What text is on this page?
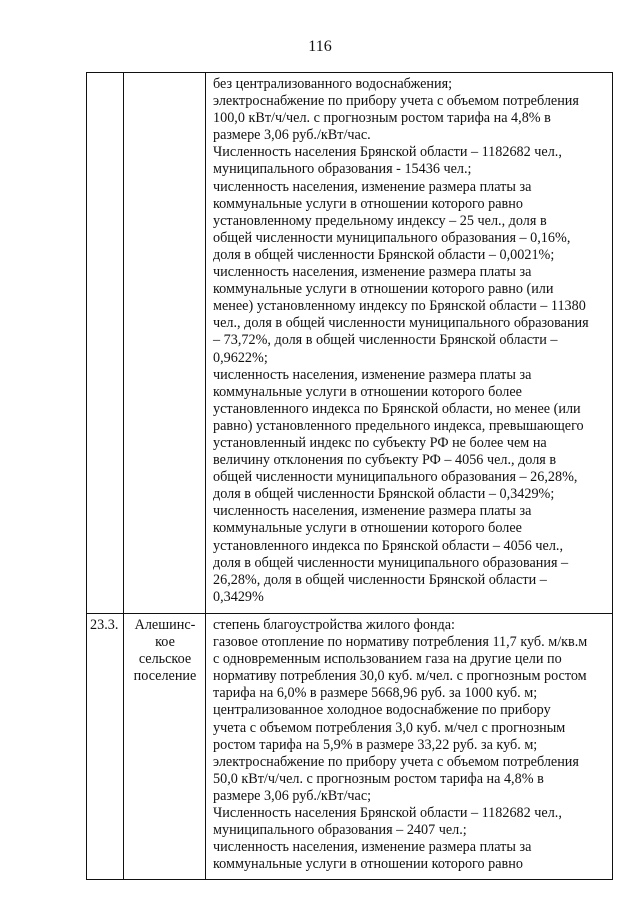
116
без централизованного водоснабжения;
электроснабжение по прибору учета с объемом потребления
100,0 кВт/ч/чел. с прогнозным ростом тарифа на 4,8% в
размере 3,06 руб./кВт/час.
Численность населения Брянской области – 1182682 чел.,
муниципального образования - 15436 чел.;
численность населения, изменение размера платы за
коммунальные услуги в отношении которого равно
установленному предельному индексу – 25 чел., доля в
общей численности муниципального образования – 0,16%,
доля в общей численности Брянской области – 0,0021%;
численность населения, изменение размера платы за
коммунальные услуги в отношении которого равно (или
менее) установленному индексу по Брянской области – 11380
чел., доля в общей численности муниципального образования
– 73,72%, доля в общей численности Брянской области –
0,9622%;
численность населения, изменение размера платы за
коммунальные услуги в отношении которого более
установленного индекса по Брянской области, но менее (или
равно) установленного предельного индекса, превышающего
установленный индекс по субъекту РФ не более чем на
величину отклонения по субъекту РФ – 4056 чел., доля в
общей численности муниципального образования – 26,28%,
доля в общей численности Брянской области – 0,3429%;
численность населения, изменение размера платы за
коммунальные услуги в отношении которого более
установленного индекса по Брянской области – 4056 чел.,
доля в общей численности муниципального образования –
26,28%, доля в общей численности Брянской области –
0,3429%
23.3.	Алешинс-
кое
сельское
поселение
степень благоустройства жилого фонда:
газовое отопление по нормативу потребления 11,7 куб. м/кв.м
с одновременным использованием газа на другие цели по
нормативу потребления 30,0 куб. м/чел. с прогнозным ростом
тарифа на 6,0% в размере 5668,96 руб. за 1000 куб. м;
централизованное холодное водоснабжение по прибору
учета с объемом потребления 3,0 куб. м/чел с прогнозным
ростом тарифа на 5,9% в размере 33,22 руб. за куб. м;
электроснабжение по прибору учета с объемом потребления
50,0 кВт/ч/чел. с прогнозным ростом тарифа на 4,8% в
размере 3,06 руб./кВт/час;
Численность населения Брянской области – 1182682 чел.,
муниципального образования – 2407 чел.;
численность населения, изменение размера платы за
коммунальные услуги в отношении которого равно
